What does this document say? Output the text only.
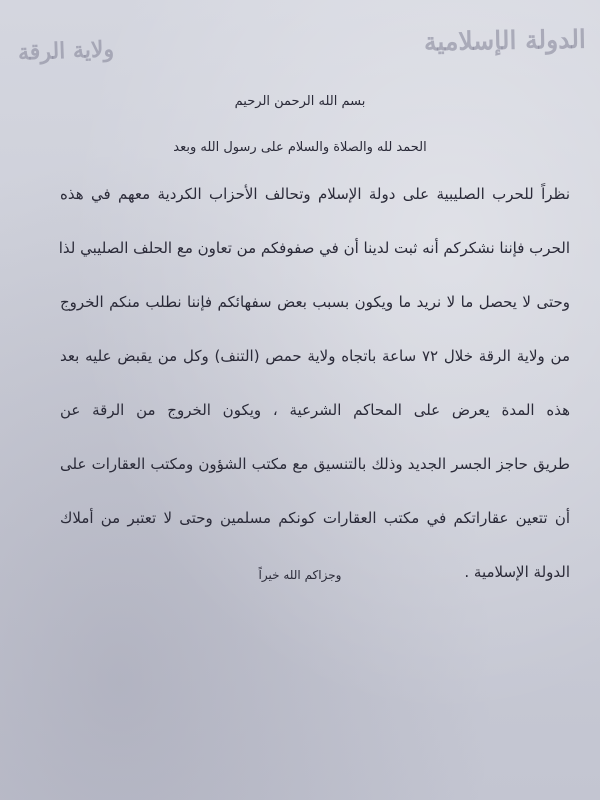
الدولة الإسلامية
ولاية الرقة
بسم الله الرحمن الرحيم
الحمد لله والصلاة والسلام على رسول الله وبعد
نظراً للحرب الصليبية على دولة الإسلام وتحالف الأحزاب الكردية معهم في هذه
الحرب فإننا نشكركم أنه ثبت لدينا أن في صفوفكم من تعاون مع الحلف الصليبي لذا
وحتى لا يحصل ما لا نريد ما ويكون بسبب بعض سفهائكم فإننا نطلب منكم الخروج
من ولاية الرقة خلال ٧٢ ساعة باتجاه ولاية حمص (التنف) وكل من يقبض عليه بعد
هذه المدة يعرض على المحاكم الشرعية ، ويكون الخروج من الرقة عن
طريق حاجز الجسر الجديد وذلك بالتنسيق مع مكتب الشؤون ومكتب العقارات على
أن تتعين عقاراتكم في مكتب العقارات كونكم مسلمين وحتى لا تعتبر من أملاك
الدولة الإسلامية .
وجزاكم الله خيراً
